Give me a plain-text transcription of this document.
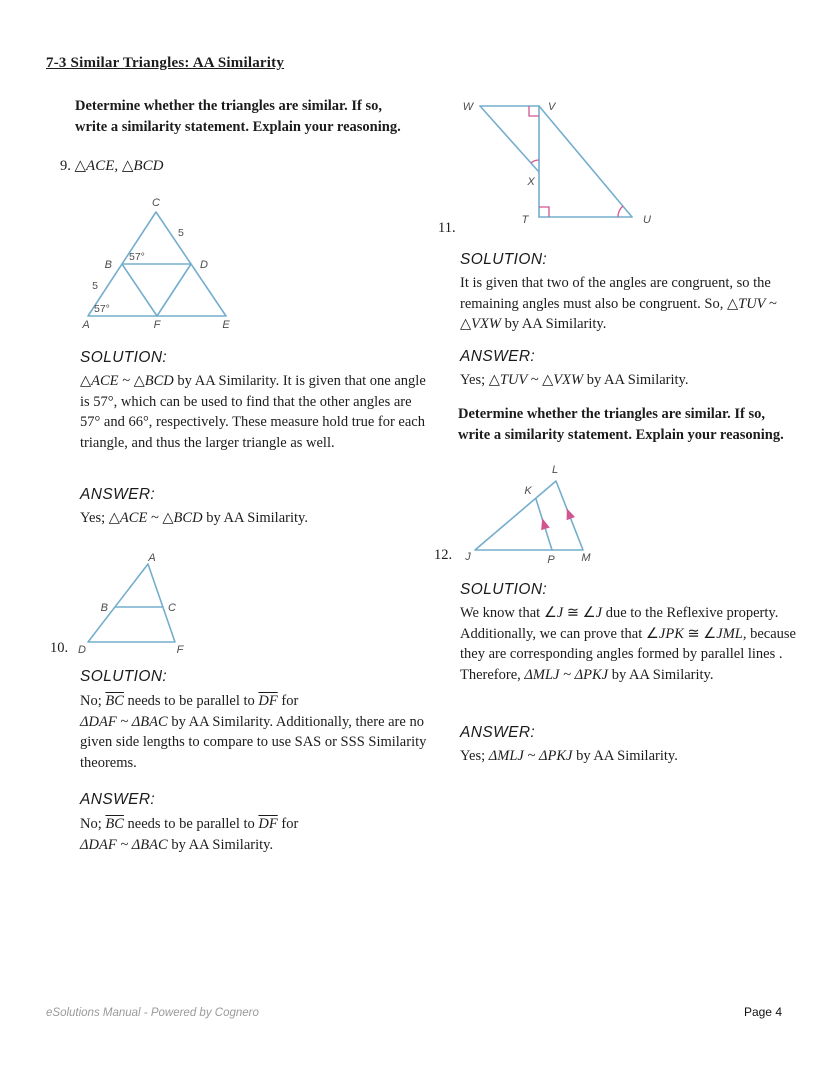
7-3 Similar Triangles: AA Similarity

Determine whether the triangles are similar. If so, write a similarity statement. Explain your reasoning.

9. △ACE, △BCD

C
B	D
A	F	E
5
5
57°
57°

SOLUTION:

△ACE ~ △BCD by AA Similarity. It is given that one angle is 57°, which can be used to find that the other angles are 57° and 66°, respectively. These measure hold true for each triangle, and thus the larger triangle as well.

ANSWER:

Yes; △ACE ~ △BCD by AA Similarity.

A
B	C
D	F

10.

SOLUTION:

No; $\overline{BC}$ needs to be parallel to $\overline{DF}$ for
ΔDAF ~ ΔBAC by AA Similarity. Additionally, there are no given side lengths to compare to use SAS or SSS Similarity theorems.

ANSWER:

No; $\overline{BC}$ needs to be parallel to $\overline{DF}$ for
ΔDAF ~ ΔBAC by AA Similarity.

W	V
X
T	U

11.

SOLUTION:

It is given that two of the angles are congruent, so the remaining angles must also be congruent. So, △TUV ~ △VXW by AA Similarity.

ANSWER:

Yes; △TUV ~ △VXW by AA Similarity.

Determine whether the triangles are similar. If so, write a similarity statement. Explain your reasoning.

J
K
L
P M

12.

SOLUTION:

We know that ∠J ≅ ∠J due to the Reflexive property. Additionally, we can prove that ∠JPK ≅ ∠JML, because they are corresponding angles formed by parallel lines . Therefore, ΔMLJ ~ ΔPKJ by AA Similarity.

ANSWER:

Yes; ΔMLJ ~ ΔPKJ by AA Similarity.

eSolutions Manual - Powered by Cognero	Page 4
